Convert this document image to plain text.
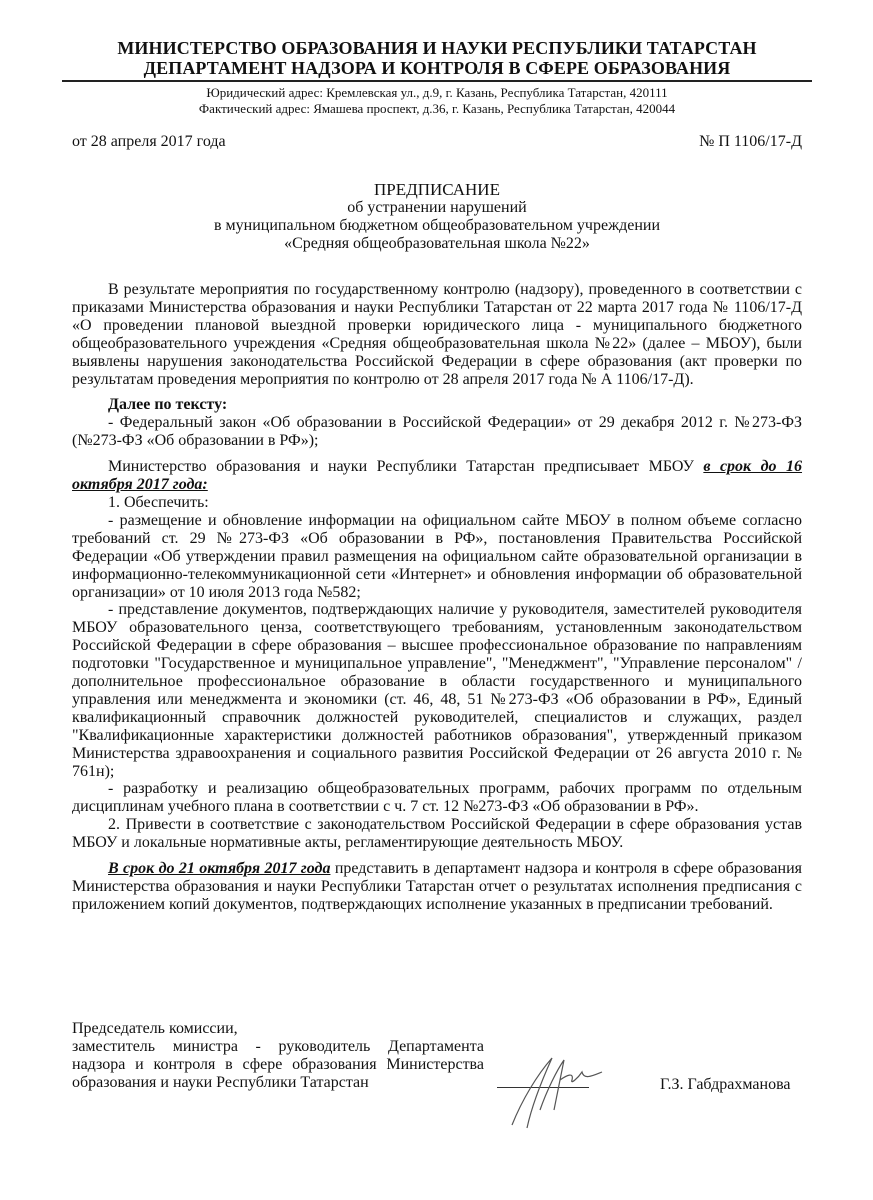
МИНИСТЕРСТВО ОБРАЗОВАНИЯ И НАУКИ РЕСПУБЛИКИ ТАТАРСТАН
ДЕПАРТАМЕНТ НАДЗОРА И КОНТРОЛЯ В СФЕРЕ ОБРАЗОВАНИЯ
Юридический адрес: Кремлевская ул., д.9, г. Казань, Республика Татарстан, 420111
Фактический адрес: Ямашева проспект, д.36, г. Казань, Республика Татарстан, 420044
от 28 апреля 2017 года	№ П 1106/17-Д
ПРЕДПИСАНИЕ
об устранении нарушений
в муниципальном бюджетном общеобразовательном учреждении
«Средняя общеобразовательная школа №22»

В результате мероприятия по государственному контролю (надзору), проведенного в соответствии с приказами Министерства образования и науки Республики Татарстан от 22 марта 2017 года № 1106/17-Д «О проведении плановой выездной проверки юридического лица - муниципального бюджетного общеобразовательного учреждения «Средняя общеобразовательная школа №22» (далее – МБОУ), были выявлены нарушения законодательства Российской Федерации в сфере образования (акт проверки по результатам проведения мероприятия по контролю от 28 апреля 2017 года № А 1106/17-Д).

Далее по тексту:

- Федеральный закон «Об образовании в Российской Федерации» от 29 декабря 2012 г. №273-ФЗ (№273-ФЗ «Об образовании в РФ»);

Министерство образования и науки Республики Татарстан предписывает МБОУ в срок до 16 октября 2017 года:

1. Обеспечить:

- размещение и обновление информации на официальном сайте МБОУ в полном объеме согласно требований ст. 29 №273-ФЗ «Об образовании в РФ», постановления Правительства Российской Федерации «Об утверждении правил размещения на официальном сайте образовательной организации в информационно-телекоммуникационной сети «Интернет» и обновления информации об образовательной организации» от 10 июля 2013 года №582;

- представление документов, подтверждающих наличие у руководителя, заместителей руководителя МБОУ образовательного ценза, соответствующего требованиям, установленным законодательством Российской Федерации в сфере образования – высшее профессиональное образование по направлениям подготовки "Государственное и муниципальное управление", "Менеджмент", "Управление персоналом" / дополнительное профессиональное образование в области государственного и муниципального управления или менеджмента и экономики (ст. 46, 48, 51 №273-ФЗ «Об образовании в РФ», Единый квалификационный справочник должностей руководителей, специалистов и служащих, раздел "Квалификационные характеристики должностей работников образования", утвержденный приказом Министерства здравоохранения и социального развития Российской Федерации от 26 августа 2010 г. № 761н);

- разработку и реализацию общеобразовательных программ, рабочих программ по отдельным дисциплинам учебного плана в соответствии с ч. 7 ст. 12 №273-ФЗ «Об образовании в РФ».

2. Привести в соответствие с законодательством Российской Федерации в сфере образования устав МБОУ и локальные нормативные акты, регламентирующие деятельность МБОУ.

В срок до 21 октября 2017 года представить в департамент надзора и контроля в сфере образования Министерства образования и науки Республики Татарстан отчет о результатах исполнения предписания с приложением копий документов, подтверждающих исполнение указанных в предписании требований.

Председатель комиссии,
заместитель министра - руководитель Департамента надзора и контроля в сфере образования Министерства образования и науки Республики Татарстан	Г.З. Габдрахманова
